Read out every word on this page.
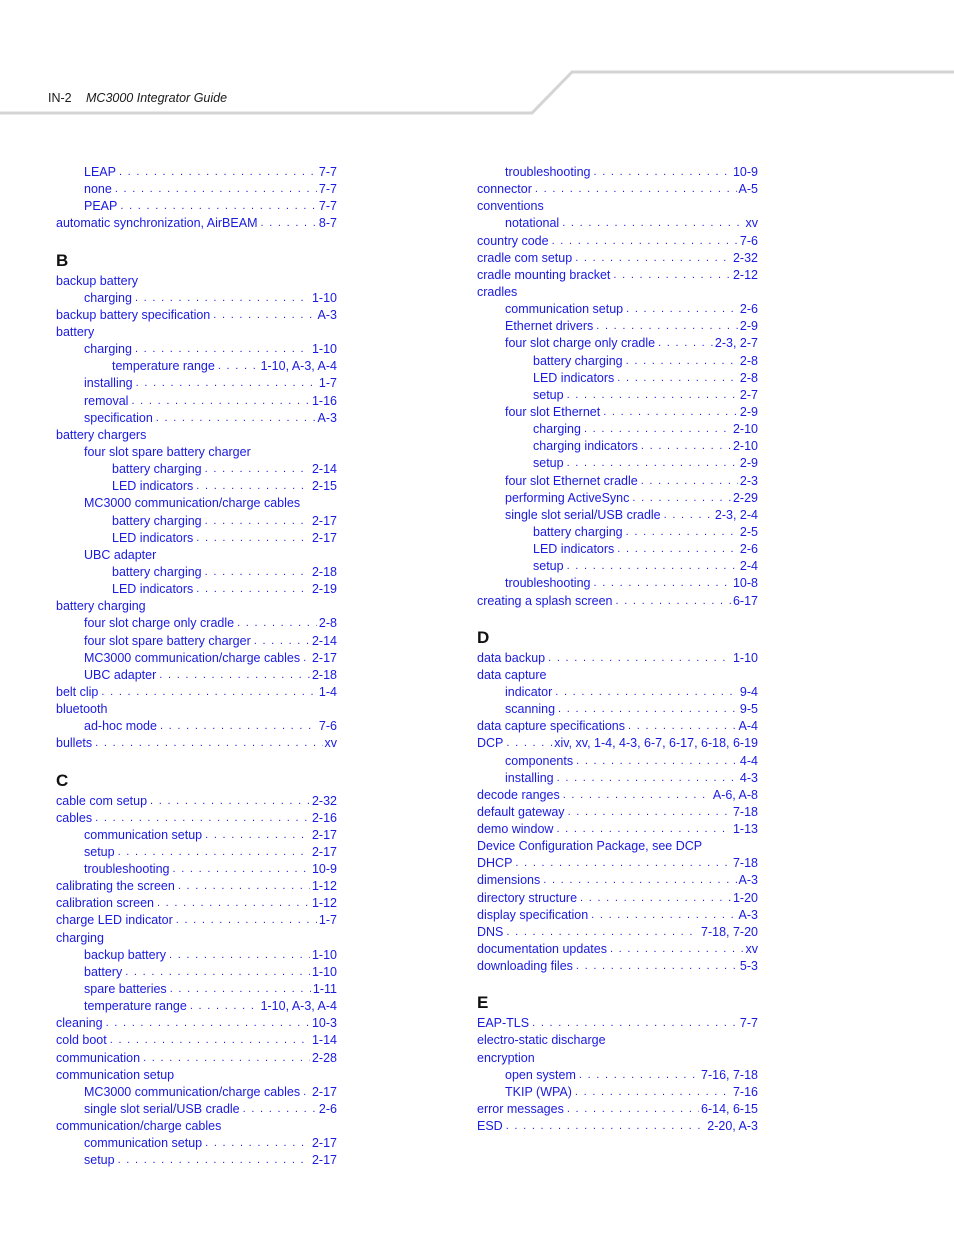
IN-2 MC3000 Integrator Guide
LEAP . . .	7-7
none . . .	7-7
PEAP . . .	7-7
automatic synchronization, AirBEAM . . .	8-7
B
backup battery
charging . . .	1-10
backup battery specification . . .	A-3
battery
charging . . .	1-10
temperature range . . .	1-10, A-3, A-4
installing . . .	1-7
removal . . .	1-16
specification . . .	A-3
battery chargers
four slot spare battery charger
battery charging . . .	2-14
LED indicators . . .	2-15
MC3000 communication/charge cables
battery charging . . .	2-17
LED indicators . . .	2-17
UBC adapter
battery charging . . .	2-18
LED indicators . . .	2-19
battery charging
four slot charge only cradle . . .	2-8
four slot spare battery charger . . .	2-14
MC3000 communication/charge cables . . . 2-17
UBC adapter . . .	2-18
belt clip . . .	1-4
bluetooth
ad-hoc mode . . .	7-6
bullets . . .	xv
C
cable com setup . . .	2-32
cables . . .	2-16
communication setup . . .	2-17
setup . . .	2-17
troubleshooting . . .	10-9
calibrating the screen . . .	1-12
calibration screen . . .	1-12
charge LED indicator . . .	1-7
charging
backup battery . . .	1-10
battery . . .	1-10
spare batteries . . .	1-11
temperature range . . .	1-10, A-3, A-4
cleaning . . .	10-3
cold boot . . .	1-14
communication . . .	2-28
communication setup
MC3000 communication/charge cables . . . 2-17
single slot serial/USB cradle . . .	2-6
communication/charge cables
communication setup . . .	2-17
setup . . .	2-17
troubleshooting . . .	10-9
connector . . .	A-5
conventions
notational . . .	xv
country code . . .	7-6
cradle com setup . . .	2-32
cradle mounting bracket . . .	2-12
cradles
communication setup . . .	2-6
Ethernet drivers . . .	2-9
four slot charge only cradle . . .	2-3, 2-7
battery charging . . .	2-8
LED indicators . . .	2-8
setup . . .	2-7
four slot Ethernet . . .	2-9
charging . . .	2-10
charging indicators . . .	2-10
setup . . .	2-9
four slot Ethernet cradle . . .	2-3
performing ActiveSync . . .	2-29
single slot serial/USB cradle . . .	2-3, 2-4
battery charging . . .	2-5
LED indicators . . .	2-6
setup . . .	2-4
troubleshooting . . .	10-8
creating a splash screen . . .	6-17
D
data backup . . .	1-10
data capture
indicator . . .	9-4
scanning . . .	9-5
data capture specifications . . .	A-4
DCP . . .	xiv, xv, 1-4, 4-3, 6-7, 6-17, 6-18, 6-19
components . . .	4-4
installing . . .	4-3
decode ranges . . .	A-6, A-8
default gateway . . .	7-18
demo window . . .	1-13
Device Configuration Package, see DCP
DHCP . . .	7-18
dimensions . . .	A-3
directory structure . . .	1-20
display specification . . .	A-3
DNS . . .	7-18, 7-20
documentation updates . . .	xv
downloading files . . .	5-3
E
EAP-TLS . . .	7-7
electro-static discharge
encryption
open system . . .	7-16, 7-18
TKIP (WPA) . . .	7-16
error messages . . .	6-14, 6-15
ESD . . .	2-20, A-3
